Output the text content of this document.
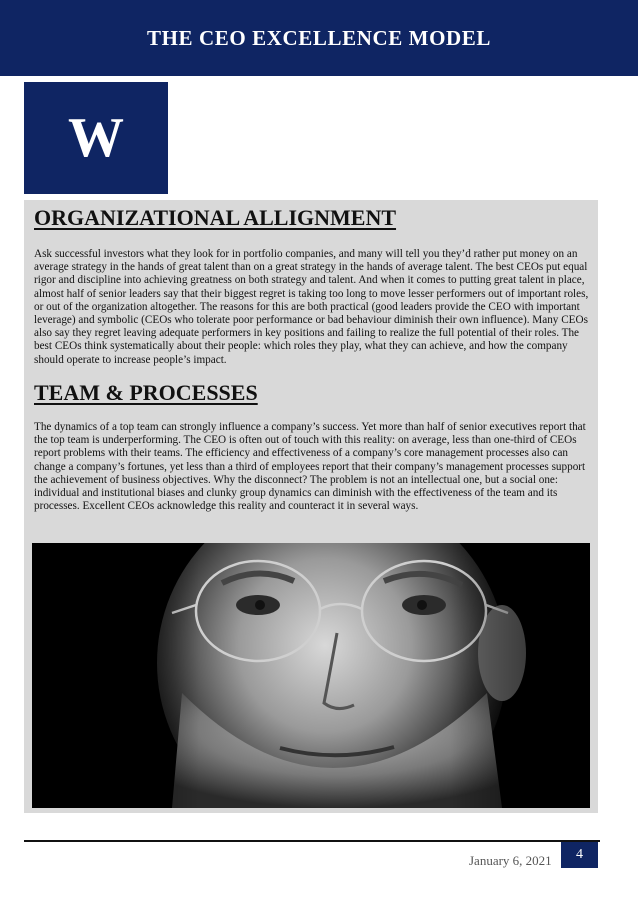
THE CEO EXCELLENCE MODEL
W
ORGANIZATIONAL ALLIGNMENT

Ask successful investors what they look for in portfolio companies, and many will tell you they’d rather put money on an average strategy in the hands of great talent than on a great strategy in the hands of average talent. The best CEOs put equal rigor and discipline into achieving greatness on both strategy and talent. And when it comes to putting great talent in place, almost half of senior leaders say that their biggest regret is taking too long to move lesser performers out of important roles, or out of the organization altogether. The reasons for this are both practical (good leaders provide the CEO with important leverage) and symbolic (CEOs who tolerate poor performance or bad behaviour diminish their own influence). Many CEOs also say they regret leaving adequate performers in key positions and failing to realize the full potential of their roles. The best CEOs think systematically about their people: which roles they play, what they can achieve, and how the company should operate to increase people’s impact.

TEAM & PROCESSES

The dynamics of a top team can strongly influence a company’s success. Yet more than half of senior executives report that the top team is underperforming. The CEO is often out of touch with this reality: on average, less than one-third of CEOs report problems with their teams. The efficiency and effectiveness of a company’s core management processes also can change a company’s fortunes, yet less than a third of employees report that their company’s management processes support the achievement of business objectives. Why the disconnect? The problem is not an intellectual one, but a social one: individual and institutional biases and clunky group dynamics can diminish with the effectiveness of the team and its processes. Excellent CEOs acknowledge this reality and counteract it in several ways.

January 6, 2021 4
